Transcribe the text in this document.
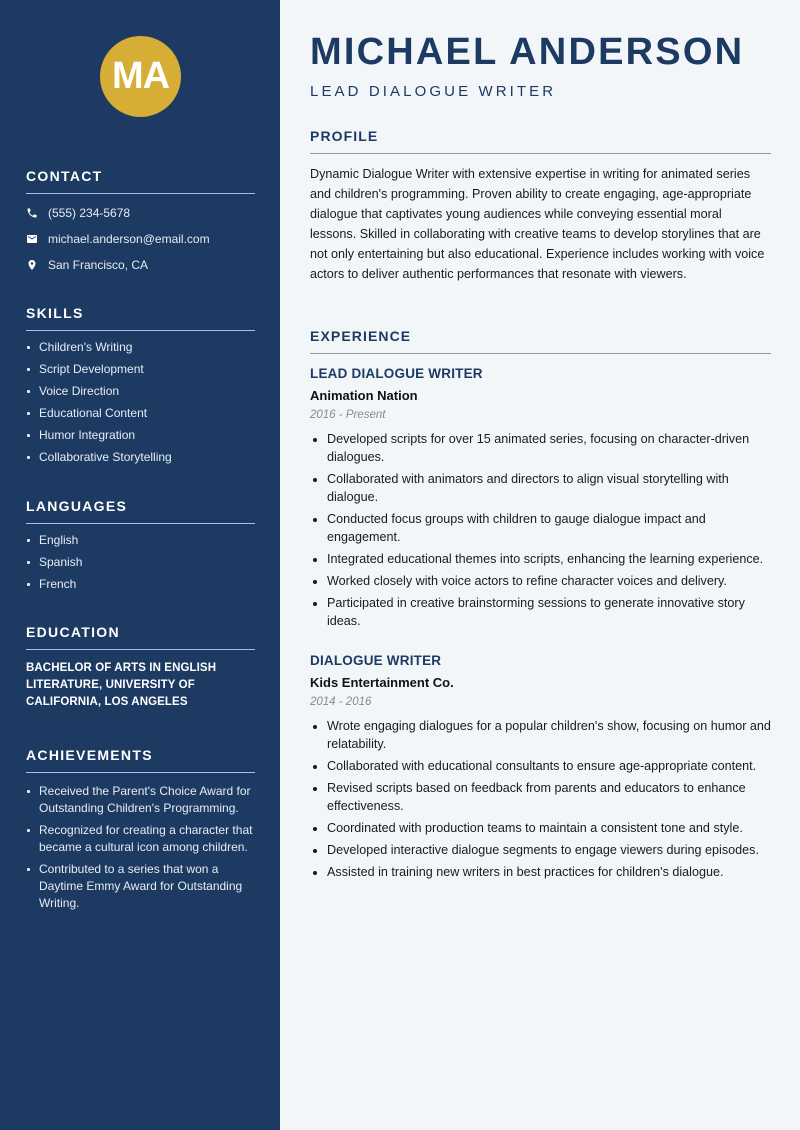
MA
CONTACT
(555) 234-5678
michael.anderson@email.com
San Francisco, CA
SKILLS
Children's Writing
Script Development
Voice Direction
Educational Content
Humor Integration
Collaborative Storytelling
LANGUAGES
English
Spanish
French
EDUCATION
BACHELOR OF ARTS IN ENGLISH LITERATURE, UNIVERSITY OF CALIFORNIA, LOS ANGELES
ACHIEVEMENTS
Received the Parent's Choice Award for Outstanding Children's Programming.
Recognized for creating a character that became a cultural icon among children.
Contributed to a series that won a Daytime Emmy Award for Outstanding Writing.
MICHAEL ANDERSON
LEAD DIALOGUE WRITER
PROFILE

Dynamic Dialogue Writer with extensive expertise in writing for animated series and children's programming. Proven ability to create engaging, age-appropriate dialogue that captivates young audiences while conveying essential moral lessons. Skilled in collaborating with creative teams to develop storylines that are not only entertaining but also educational. Experience includes working with voice actors to deliver authentic performances that resonate with viewers.

EXPERIENCE
LEAD DIALOGUE WRITER
Animation Nation
2016 - Present
Developed scripts for over 15 animated series, focusing on character-driven dialogues.
Collaborated with animators and directors to align visual storytelling with dialogue.
Conducted focus groups with children to gauge dialogue impact and engagement.
Integrated educational themes into scripts, enhancing the learning experience.
Worked closely with voice actors to refine character voices and delivery.
Participated in creative brainstorming sessions to generate innovative story ideas.
DIALOGUE WRITER
Kids Entertainment Co.
2014 - 2016
Wrote engaging dialogues for a popular children's show, focusing on humor and relatability.
Collaborated with educational consultants to ensure age-appropriate content.
Revised scripts based on feedback from parents and educators to enhance effectiveness.
Coordinated with production teams to maintain a consistent tone and style.
Developed interactive dialogue segments to engage viewers during episodes.
Assisted in training new writers in best practices for children's dialogue.
